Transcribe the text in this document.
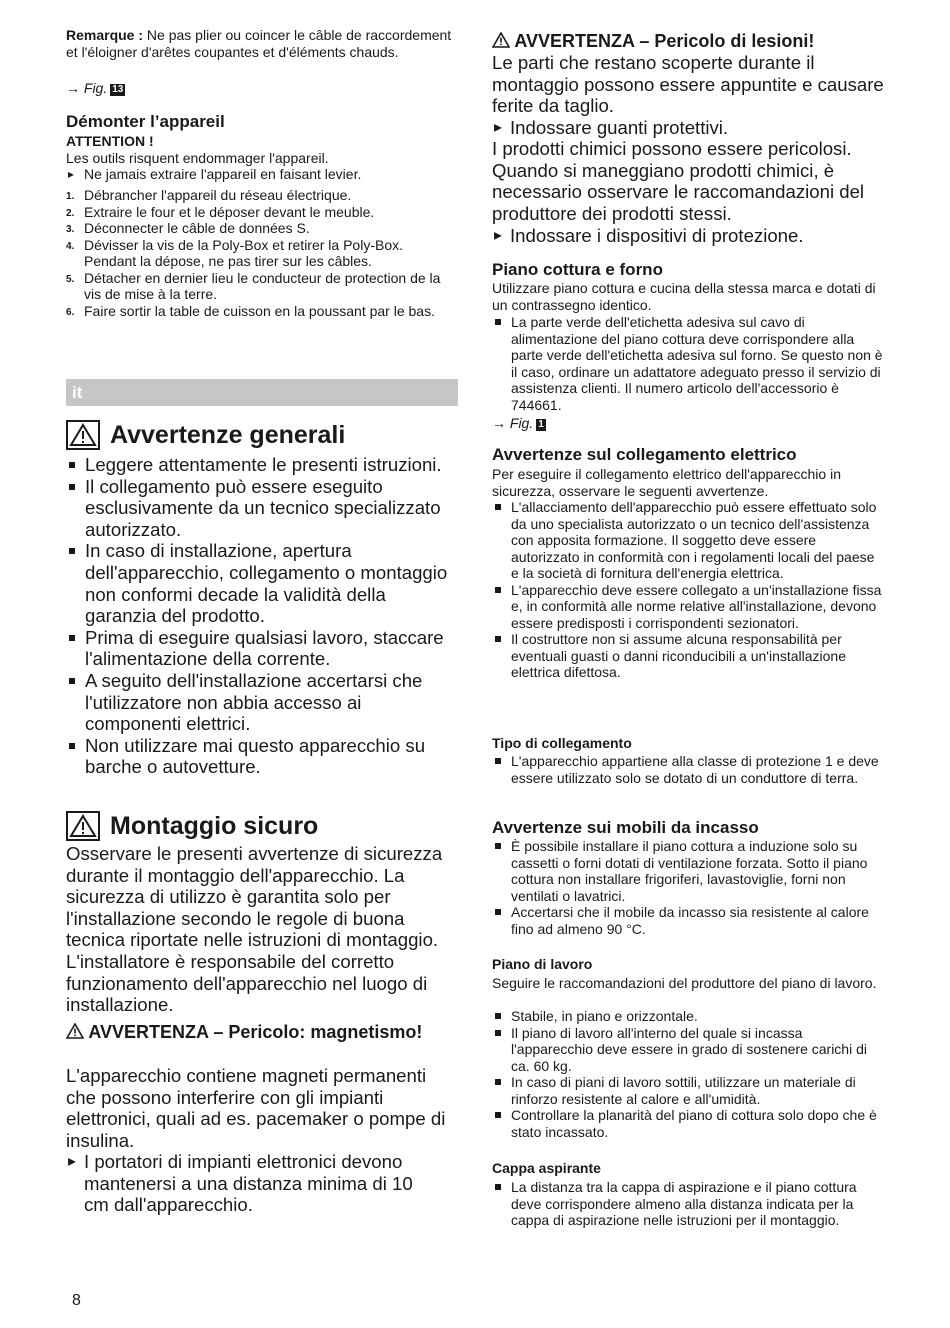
Remarque : Ne pas plier ou coincer le câble de raccordement et l'éloigner d'arêtes coupantes et d'éléments chauds.

→ Fig. 13

Démonter l’appareil

ATTENTION !

Les outils risquent endommager l'appareil.

▸ Ne jamais extraire l'appareil en faisant levier.

1. Débrancher l'appareil du réseau électrique.
2. Extraire le four et le déposer devant le meuble.
3. Déconnecter le câble de données S.
4. Dévisser la vis de la Poly-Box et retirer la Poly-Box. Pendant la dépose, ne pas tirer sur les câbles.
5. Détacher en dernier lieu le conducteur de protection de la vis de mise à la terre.
6. Faire sortir la table de cuisson en la poussant par le bas.
it
Avvertenze generali
Leggere attentamente le presenti istruzioni.
Il collegamento può essere eseguito esclusivamente da un tecnico specializzato autorizzato.
In caso di installazione, apertura dell'apparecchio, collegamento o montaggio non conformi decade la validità della garanzia del prodotto.
Prima di eseguire qualsiasi lavoro, staccare l'alimentazione della corrente.
A seguito dell'installazione accertarsi che l'utilizzatore non abbia accesso ai componenti elettrici.
Non utilizzare mai questo apparecchio su barche o autovetture.
Montaggio sicuro

Osservare le presenti avvertenze di sicurezza durante il montaggio dell'apparecchio. La sicurezza di utilizzo è garantita solo per l'installazione secondo le regole di buona tecnica riportate nelle istruzioni di montaggio. L'installatore è responsabile del corretto funzionamento dell'apparecchio nel luogo di installazione.

AVVERTENZA – Pericolo: magnetismo!

L'apparecchio contiene magneti permanenti che possono interferire con gli impianti elettronici, quali ad es. pacemaker o pompe di insulina.

▸ I portatori di impianti elettronici devono mantenersi a una distanza minima di 10 cm dall'apparecchio.

AVVERTENZA – Pericolo di lesioni!

Le parti che restano scoperte durante il montaggio possono essere appuntite e causare ferite da taglio.

▸ Indossare guanti protettivi.

I prodotti chimici possono essere pericolosi. Quando si maneggiano prodotti chimici, è necessario osservare le raccomandazioni del produttore dei prodotti stessi.

▸ Indossare i dispositivi di protezione.

Piano cottura e forno

Utilizzare piano cottura e cucina della stessa marca e dotati di un contrassegno identico.

La parte verde dell'etichetta adesiva sul cavo di alimentazione del piano cottura deve corrispondere alla parte verde dell'etichetta adesiva sul forno. Se questo non è il caso, ordinare un adattatore adeguato presso il servizio di assistenza clienti. Il numero articolo dell'accessorio è 744661.

→ Fig. 1

Avvertenze sul collegamento elettrico

Per eseguire il collegamento elettrico dell'apparecchio in sicurezza, osservare le seguenti avvertenze.

L'allacciamento dell'apparecchio può essere effettuato solo da uno specialista autorizzato o un tecnico dell'assistenza con apposita formazione. Il soggetto deve essere autorizzato in conformità con i regolamenti locali del paese e la società di fornitura dell'energia elettrica.
L'apparecchio deve essere collegato a un'installazione fissa e, in conformità alle norme relative all'installazione, devono essere predisposti i corrispondenti sezionatori.
Il costruttore non si assume alcuna responsabilità per eventuali guasti o danni riconducibili a un'installazione elettrica difettosa.

Tipo di collegamento

L'apparecchio appartiene alla classe di protezione 1 e deve essere utilizzato solo se dotato di un conduttore di terra.

Avvertenze sui mobili da incasso

È possibile installare il piano cottura a induzione solo su cassetti o forni dotati di ventilazione forzata. Sotto il piano cottura non installare frigoriferi, lavastoviglie, forni non ventilati o lavatrici.
Accertarsi che il mobile da incasso sia resistente al calore fino ad almeno 90 °C.

Piano di lavoro

Seguire le raccomandazioni del produttore del piano di lavoro.

Stabile, in piano e orizzontale.
Il piano di lavoro all'interno del quale si incassa l'apparecchio deve essere in grado di sostenere carichi di ca. 60 kg.
In caso di piani di lavoro sottili, utilizzare un materiale di rinforzo resistente al calore e all'umidità.
Controllare la planarità del piano di cottura solo dopo che è stato incassato.

Cappa aspirante

La distanza tra la cappa di aspirazione e il piano cottura deve corrispondere almeno alla distanza indicata per la cappa di aspirazione nelle istruzioni per il montaggio.
8
